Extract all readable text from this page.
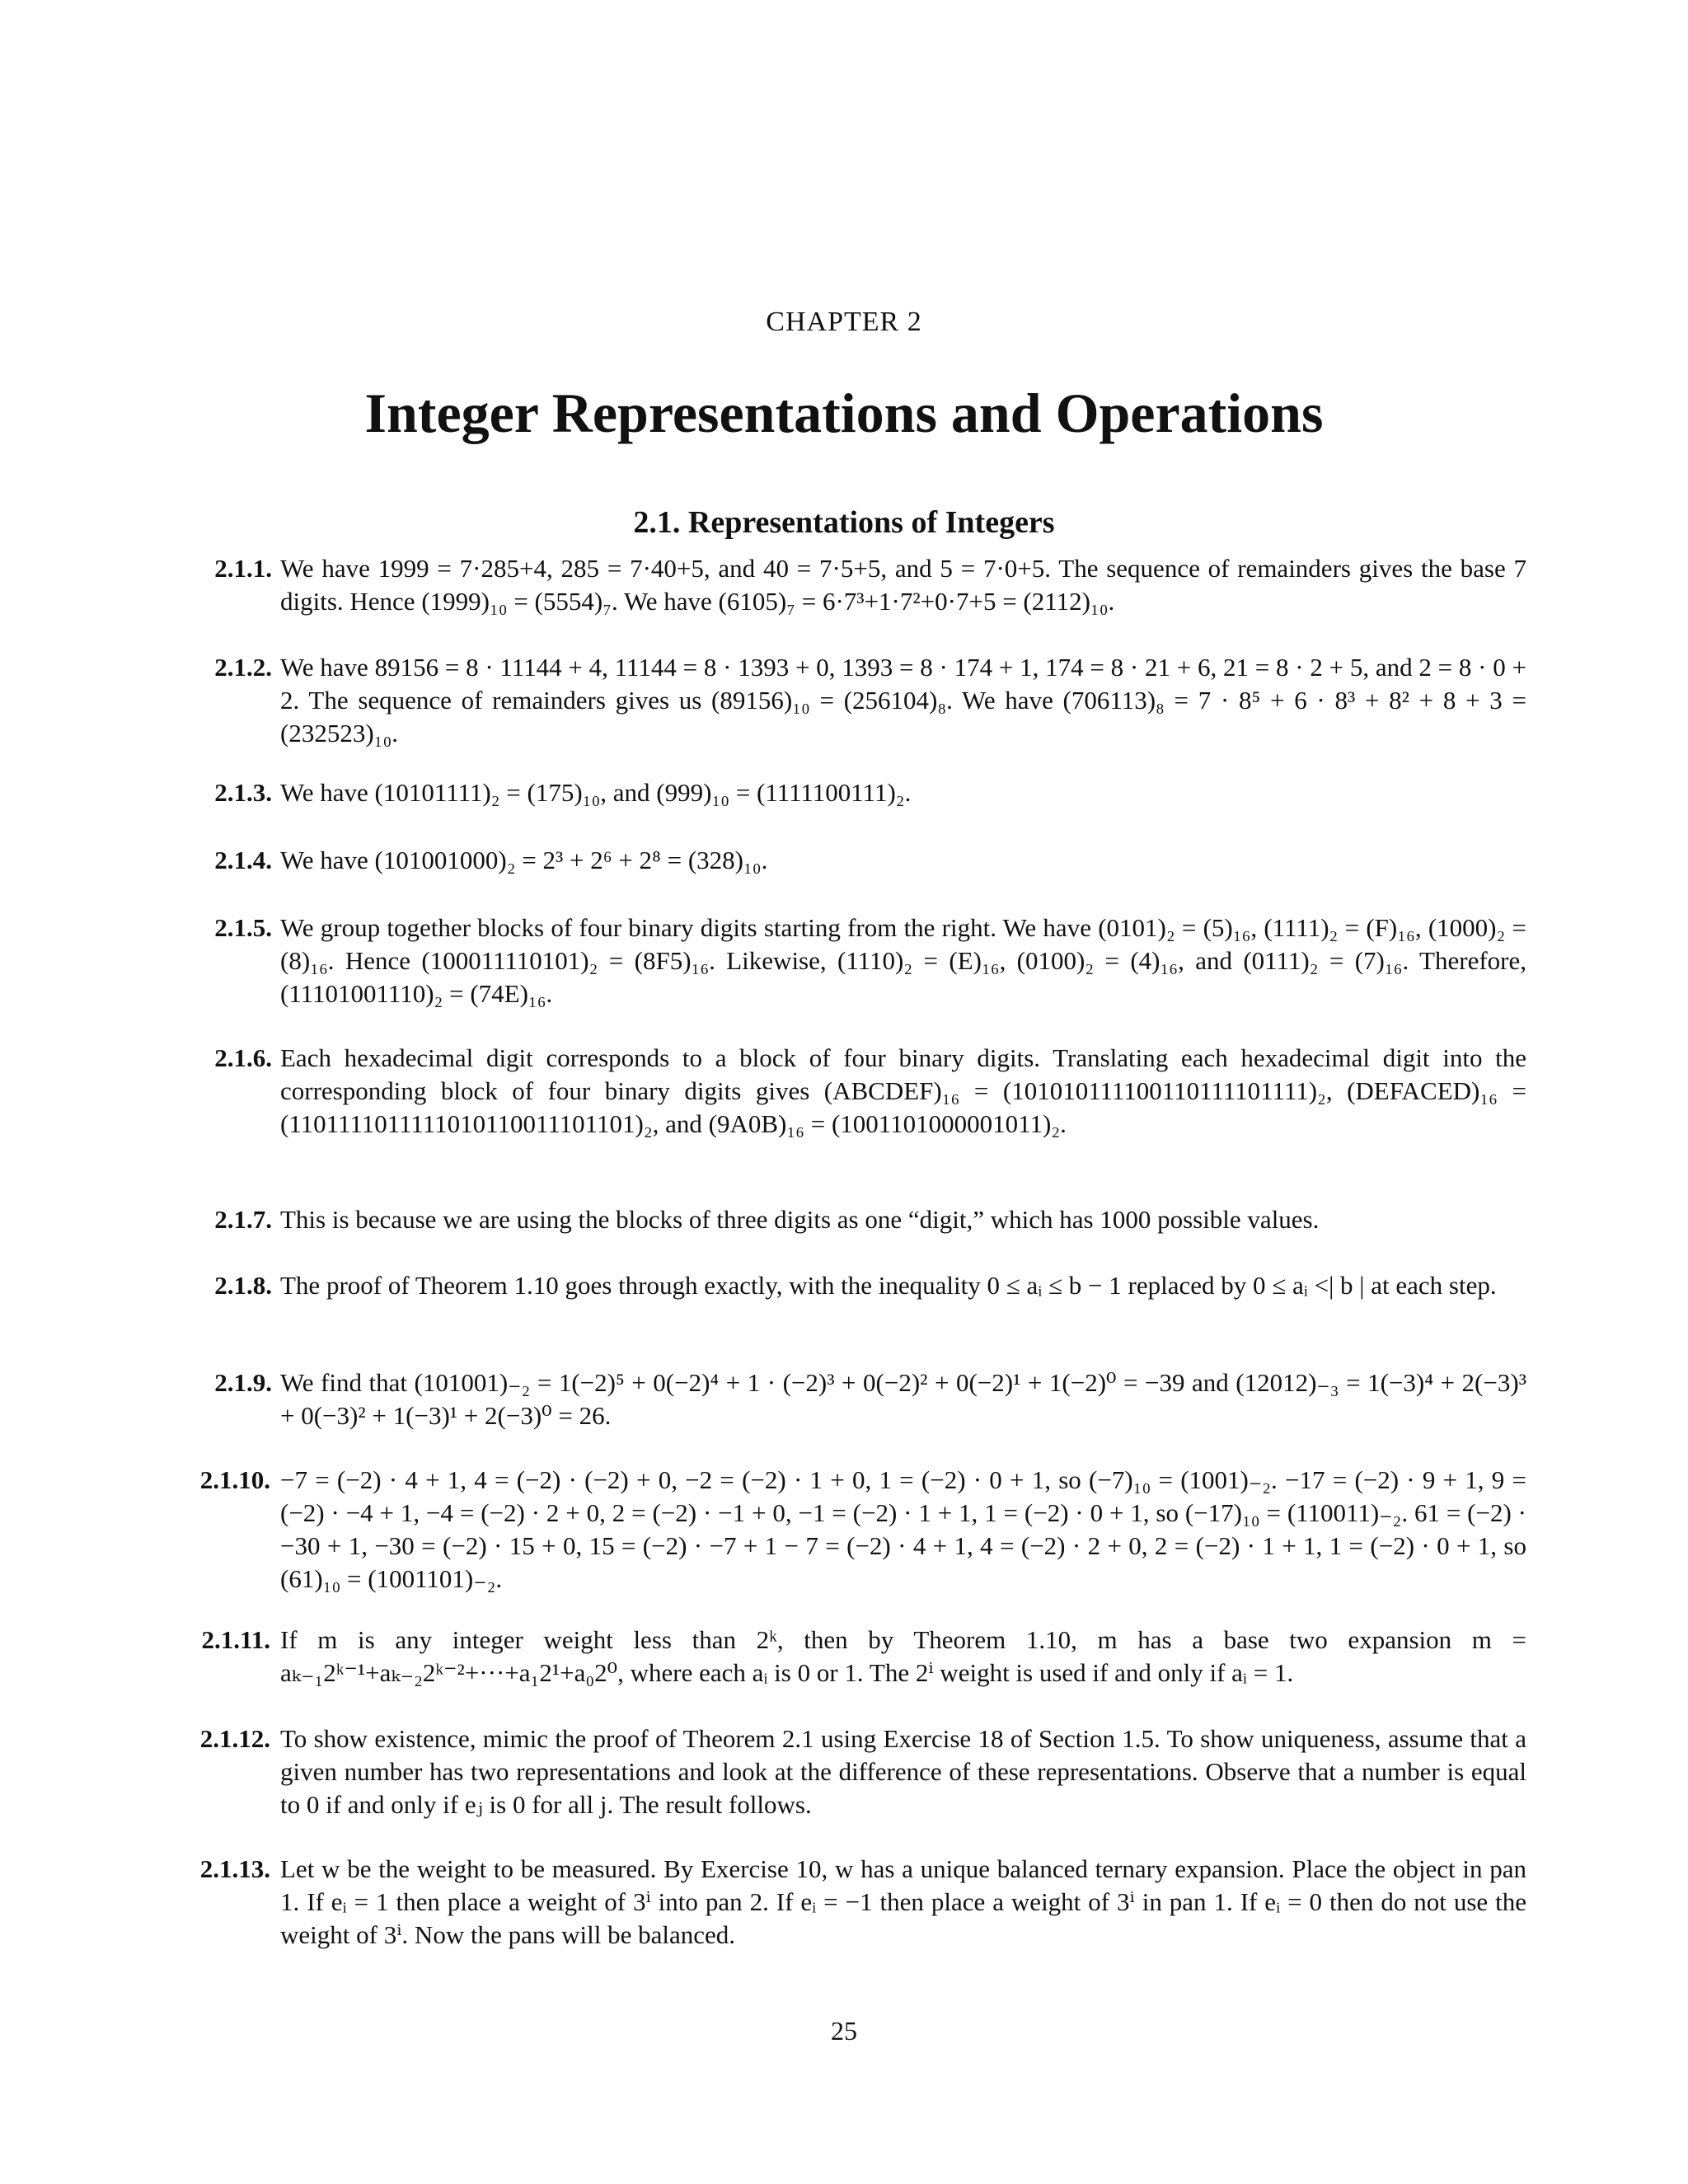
CHAPTER 2
Integer Representations and Operations
2.1. Representations of Integers
2.1.1. We have 1999 = 7·285+4, 285 = 7·40+5, and 40 = 7·5+5, and 5 = 7·0+5. The sequence of remainders gives the base 7 digits. Hence (1999)₁₀ = (5554)₇. We have (6105)₇ = 6·7³+1·7²+0·7+5 = (2112)₁₀.
2.1.2. We have 89156 = 8 · 11144 + 4, 11144 = 8 · 1393 + 0, 1393 = 8 · 174 + 1, 174 = 8 · 21 + 6, 21 = 8 · 2 + 5, and 2 = 8 · 0 + 2. The sequence of remainders gives us (89156)₁₀ = (256104)₈. We have (706113)₈ = 7 · 8⁵ + 6 · 8³ + 8² + 8 + 3 = (232523)₁₀.
2.1.3. We have (10101111)₂ = (175)₁₀, and (999)₁₀ = (1111100111)₂.
2.1.4. We have (101001000)₂ = 2³ + 2⁶ + 2⁸ = (328)₁₀.
2.1.5. We group together blocks of four binary digits starting from the right. We have (0101)₂ = (5)₁₆, (1111)₂ = (F)₁₆, (1000)₂ = (8)₁₆. Hence (100011110101)₂ = (8F5)₁₆. Likewise, (1110)₂ = (E)₁₆, (0100)₂ = (4)₁₆, and (0111)₂ = (7)₁₆. Therefore, (11101001110)₂ = (74E)₁₆.
2.1.6. Each hexadecimal digit corresponds to a block of four binary digits. Translating each hexadecimal digit into the corresponding block of four binary digits gives (ABCDEF)₁₆ = (101010111100110111101111)₂, (DEFACED)₁₆ = (1101111011111010110011101101)₂, and (9A0B)₁₆ = (1001101000001011)₂.
2.1.7. This is because we are using the blocks of three digits as one “digit,” which has 1000 possible values.
2.1.8. The proof of Theorem 1.10 goes through exactly, with the inequality 0 ≤ aᵢ ≤ b − 1 replaced by 0 ≤ aᵢ <| b | at each step.
2.1.9. We find that (101001)₋₂ = 1(−2)⁵ + 0(−2)⁴ + 1 · (−2)³ + 0(−2)² + 0(−2)¹ + 1(−2)⁰ = −39 and (12012)₋₃ = 1(−3)⁴ + 2(−3)³ + 0(−3)² + 1(−3)¹ + 2(−3)⁰ = 26.
2.1.10. −7 = (−2) · 4 + 1, 4 = (−2) · (−2) + 0, −2 = (−2) · 1 + 0, 1 = (−2) · 0 + 1, so (−7)₁₀ = (1001)₋₂. −17 = (−2) · 9 + 1, 9 = (−2) · −4 + 1, −4 = (−2) · 2 + 0, 2 = (−2) · −1 + 0, −1 = (−2) · 1 + 1, 1 = (−2) · 0 + 1, so (−17)₁₀ = (110011)₋₂. 61 = (−2) · −30 + 1, −30 = (−2) · 15 + 0, 15 = (−2) · −7 + 1 − 7 = (−2) · 4 + 1, 4 = (−2) · 2 + 0, 2 = (−2) · 1 + 1, 1 = (−2) · 0 + 1, so (61)₁₀ = (1001101)₋₂.
2.1.11. If m is any integer weight less than 2ᵏ, then by Theorem 1.10, m has a base two expansion m = aₖ₋₁2ᵏ⁻¹+aₖ₋₂2ᵏ⁻²+···+a₁2¹+a₀2⁰, where each aᵢ is 0 or 1. The 2ⁱ weight is used if and only if aᵢ = 1.
2.1.12. To show existence, mimic the proof of Theorem 2.1 using Exercise 18 of Section 1.5. To show uniqueness, assume that a given number has two representations and look at the difference of these representations. Observe that a number is equal to 0 if and only if eⱼ is 0 for all j. The result follows.
2.1.13. Let w be the weight to be measured. By Exercise 10, w has a unique balanced ternary expansion. Place the object in pan 1. If eᵢ = 1 then place a weight of 3ⁱ into pan 2. If eᵢ = −1 then place a weight of 3ⁱ in pan 1. If eᵢ = 0 then do not use the weight of 3ⁱ. Now the pans will be balanced.
25
